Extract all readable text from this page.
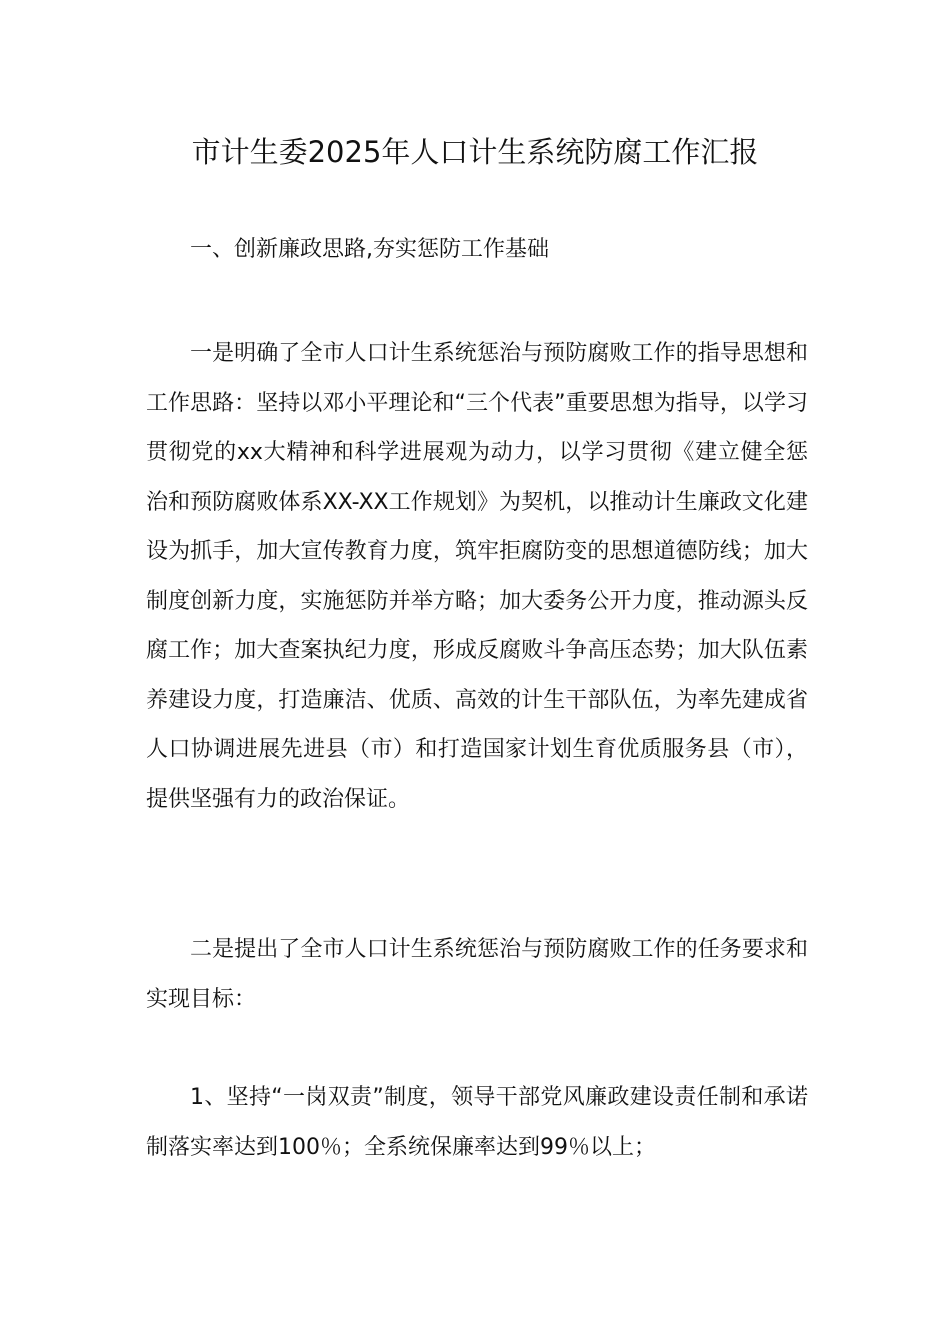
市计生委2025年人口计生系统防腐工作汇报
一、创新廉政思路,夯实惩防工作基础

一是明确了全市人口计生系统惩治与预防腐败工作的指导思想和工作思路：坚持以邓小平理论和“三个代表”重要思想为指导，以学习贯彻党的xx大精神和科学进展观为动力，以学习贯彻《建立健全惩治和预防腐败体系XX-XX工作规划》为契机，以推动计生廉政文化建设为抓手，加大宣传教育力度，筑牢拒腐防变的思想道德防线；加大制度创新力度，实施惩防并举方略；加大委务公开力度，推动源头反腐工作；加大查案执纪力度，形成反腐败斗争高压态势；加大队伍素养建设力度，打造廉洁、优质、高效的计生干部队伍，为率先建成省人口协调进展先进县（市）和打造国家计划生育优质服务县（市），提供坚强有力的政治保证。

二是提出了全市人口计生系统惩治与预防腐败工作的任务要求和实现目标：

1、坚持“一岗双责”制度，领导干部党风廉政建设责任制和承诺制落实率达到100％；全系统保廉率达到99％以上；
